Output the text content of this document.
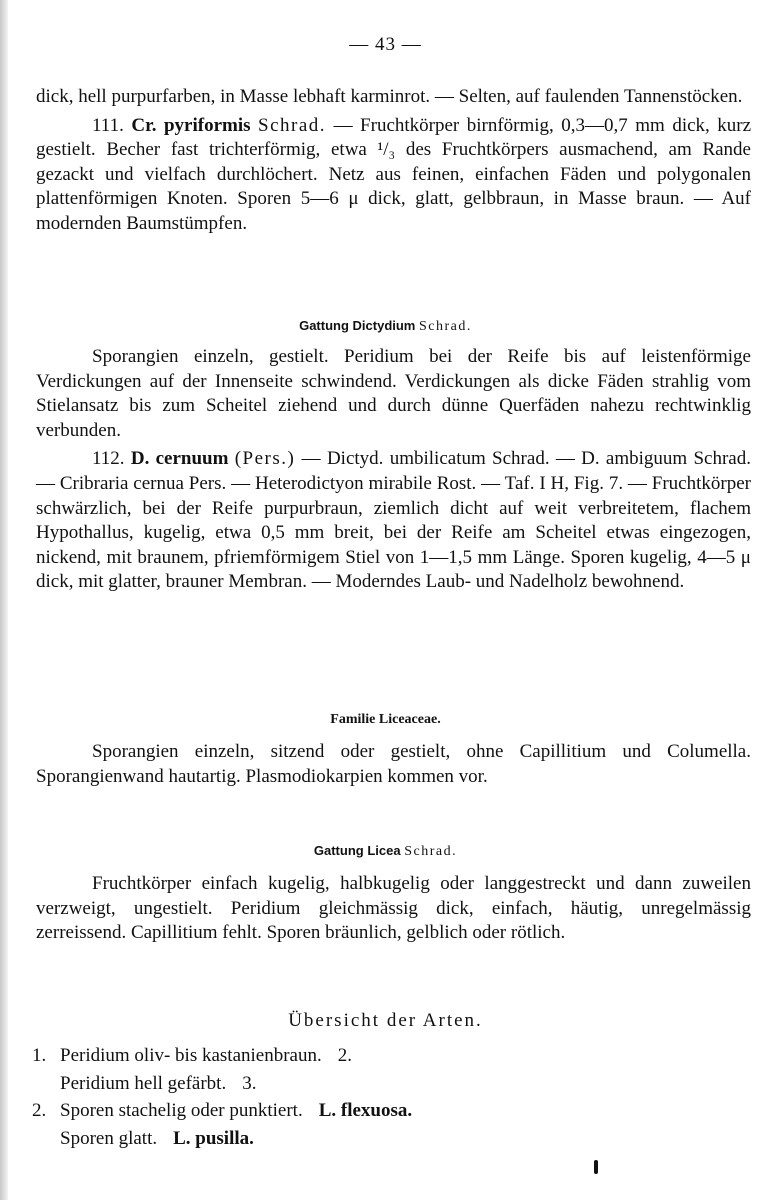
— 43 —

dick, hell purpurfarben, in Masse lebhaft karminrot. — Selten, auf faulenden Tannenstöcken.

111. Cr. pyriformis Schrad. — Fruchtkörper birnförmig, 0,3—0,7 mm dick, kurz gestielt. Becher fast trichterförmig, etwa ¹/₃ des Fruchtkörpers ausmachend, am Rande gezackt und vielfach durchlöchert. Netz aus feinen, einfachen Fäden und polygonalen plattenförmigen Knoten. Sporen 5—6 μ dick, glatt, gelbbraun, in Masse braun. — Auf modernden Baumstümpfen.

Gattung Dictydium Schrad.

Sporangien einzeln, gestielt. Peridium bei der Reife bis auf leistenförmige Verdickungen auf der Innenseite schwindend. Verdickungen als dicke Fäden strahlig vom Stielansatz bis zum Scheitel ziehend und durch dünne Querfäden nahezu rechtwinklig verbunden.

112. D. cernuum (Pers.) — Dictyd. umbilicatum Schrad. — D. ambiguum Schrad. — Cribraria cernua Pers. — Heterodictyon mirabile Rost. — Taf. I H, Fig. 7. — Fruchtkörper schwärzlich, bei der Reife purpurbraun, ziemlich dicht auf weit verbreitetem, flachem Hypothallus, kugelig, etwa 0,5 mm breit, bei der Reife am Scheitel etwas eingezogen, nickend, mit braunem, pfriemförmigem Stiel von 1—1,5 mm Länge. Sporen kugelig, 4—5 μ dick, mit glatter, brauner Membran. — Moderndes Laub- und Nadelholz bewohnend.

Familie Liceaceae.

Sporangien einzeln, sitzend oder gestielt, ohne Capillitium und Columella. Sporangienwand hautartig. Plasmodiokarpien kommen vor.

Gattung Licea Schrad.

Fruchtkörper einfach kugelig, halbkugelig oder langgestreckt und dann zuweilen verzweigt, ungestielt. Peridium gleichmässig dick, einfach, häutig, unregelmässig zerreissend. Capillitium fehlt. Sporen bräunlich, gelblich oder rötlich.

Übersicht der Arten.
1. Peridium oliv- bis kastanienbraun. 2.
Peridium hell gefärbt. 3.
2. Sporen stachelig oder punktiert. L. flexuosa.
Sporen glatt. L. pusilla.
